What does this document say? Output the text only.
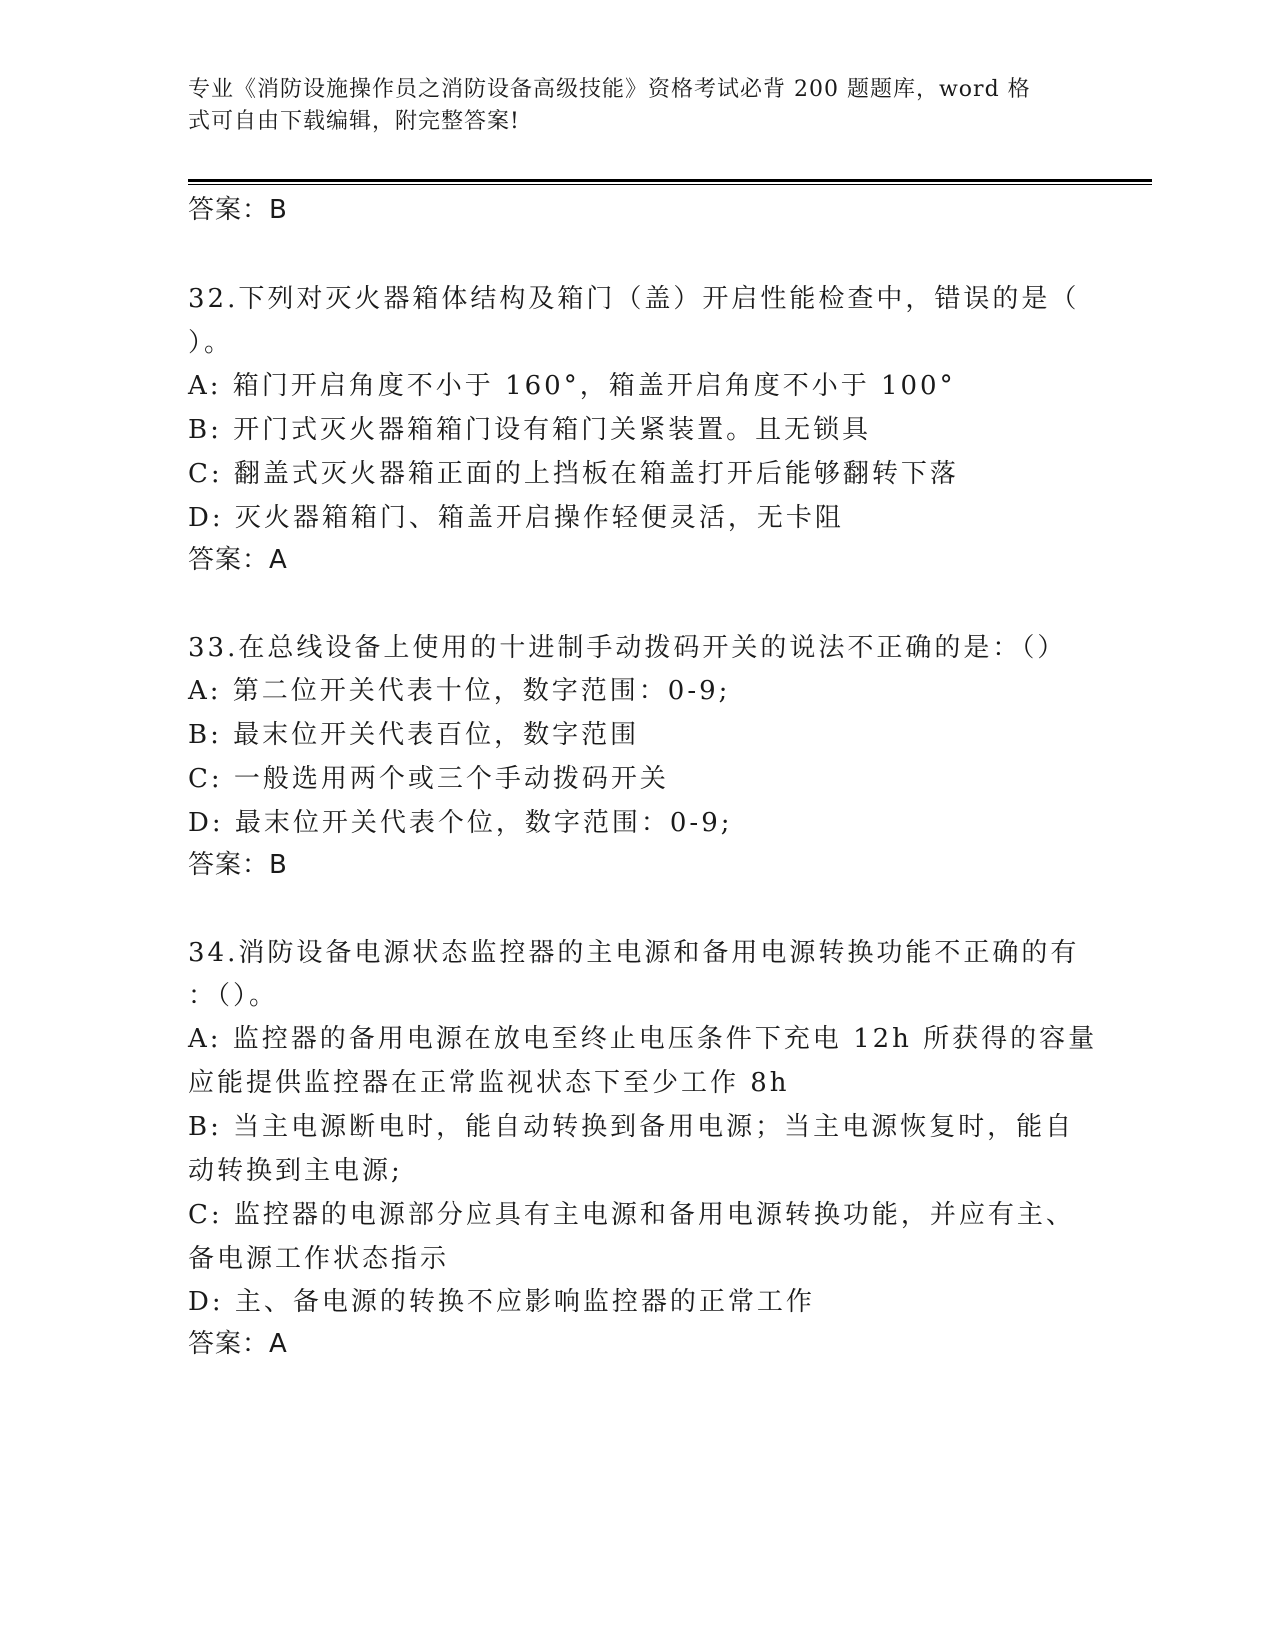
专业《消防设施操作员之消防设备高级技能》资格考试必背 200 题题库，word 格
式可自由下载编辑，附完整答案!
答案：B
32.下列对灭火器箱体结构及箱门（盖）开启性能检查中，错误的是（
）。
A: 箱门开启角度不小于 160°，箱盖开启角度不小于 100°
B: 开门式灭火器箱箱门设有箱门关紧装置。且无锁具
C: 翻盖式灭火器箱正面的上挡板在箱盖打开后能够翻转下落
D: 灭火器箱箱门、箱盖开启操作轻便灵活，无卡阻
答案：A
33.在总线设备上使用的十进制手动拨码开关的说法不正确的是：（）
A: 第二位开关代表十位，数字范围：0-9;
B: 最末位开关代表百位，数字范围
C: 一般选用两个或三个手动拨码开关
D: 最末位开关代表个位，数字范围：0-9;
答案：B
34.消防设备电源状态监控器的主电源和备用电源转换功能不正确的有
：（）。
A: 监控器的备用电源在放电至终止电压条件下充电 12h 所获得的容量
应能提供监控器在正常监视状态下至少工作 8h
B: 当主电源断电时，能自动转换到备用电源；当主电源恢复时，能自
动转换到主电源;
C: 监控器的电源部分应具有主电源和备用电源转换功能，并应有主、
备电源工作状态指示
D: 主、备电源的转换不应影响监控器的正常工作
答案：A
